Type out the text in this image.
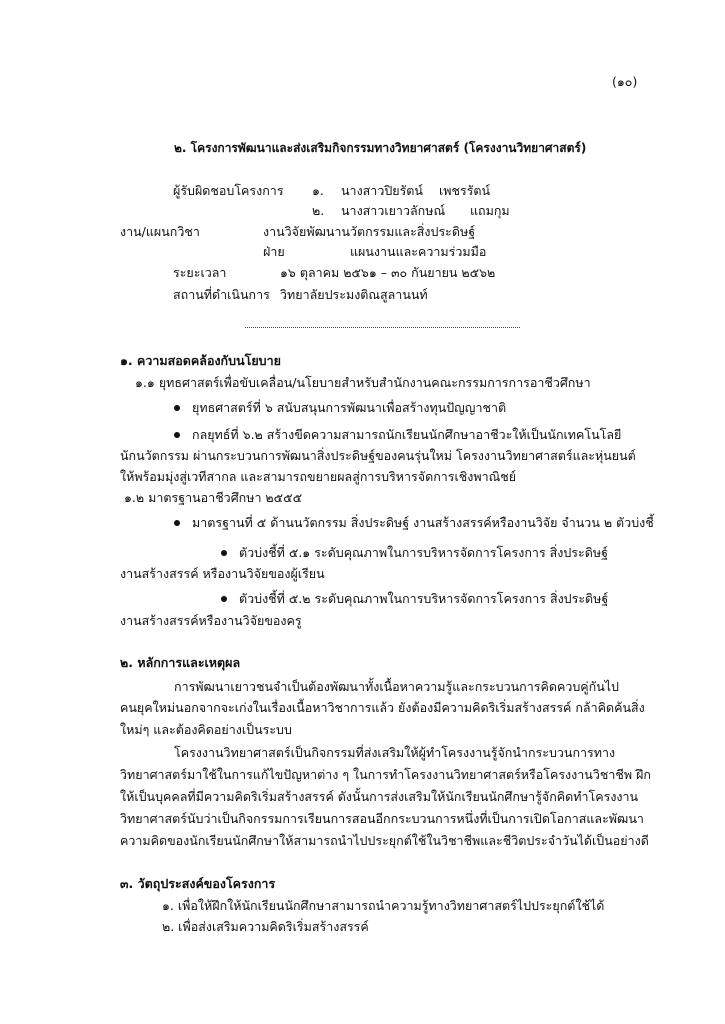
(๑๐)
๒. โครงการพัฒนาและส่งเสริมกิจกรรมทางวิทยาศาสตร์ (โครงงานวิทยาศาสตร์)
ผู้รับผิดชอบโครงการ ๑. นางสาวปิยรัตน์ เพชรรัตน์
๒. นางสาวเยาวลักษณ์ แถมกุม
งาน/แผนกวิชา	งานวิจัยพัฒนานวัตกรรมและสิ่งประดิษฐ์
ฝ่าย	แผนงานและความร่วมมือ
ระยะเวลา	๑๖ ตุลาคม ๒๕๖๑ – ๓๐ กันยายน ๒๕๖๒
สถานที่ดำเนินการ วิทยาลัยประมงติณสูลานนท์
๑. ความสอดคล้องกับนโยบาย
๑.๑ ยุทธศาสตร์เพื่อขับเคลื่อน/นโยบายสำหรับสำนักงานคณะกรรมการการอาชีวศึกษา
ยุทธศาสตร์ที่ ๖ สนับสนุนการพัฒนาเพื่อสร้างทุนปัญญาชาติ
กลยุทธ์ที่ ๖.๒ สร้างขีดความสามารถนักเรียนนักศึกษาอาชีวะให้เป็นนักเทคโนโลยี
นักนวัตกรรม ผ่านกระบวนการพัฒนาสิ่งประดิษฐ์ของคนรุ่นใหม่ โครงงานวิทยาศาสตร์และหุ่นยนต์
ให้พร้อมมุ่งสู่เวทีสากล และสามารถขยายผลสู่การบริหารจัดการเชิงพาณิชย์
๑.๒ มาตรฐานอาชีวศึกษา ๒๕๕๕
มาตรฐานที่ ๕ ด้านนวัตกรรม สิ่งประดิษฐ์ งานสร้างสรรค์หรืองานวิจัย จำนวน ๒ ตัวบ่งชี้
ตัวบ่งชี้ที่ ๕.๑ ระดับคุณภาพในการบริหารจัดการโครงการ สิ่งประดิษฐ์
งานสร้างสรรค์ หรืองานวิจัยของผู้เรียน
ตัวบ่งชี้ที่ ๕.๒ ระดับคุณภาพในการบริหารจัดการโครงการ สิ่งประดิษฐ์
งานสร้างสรรค์หรืองานวิจัยของครู
๒. หลักการและเหตุผล
การพัฒนาเยาวชนจำเป็นต้องพัฒนาทั้งเนื้อหาความรู้และกระบวนการคิดควบคู่กันไป
คนยุคใหม่นอกจากจะเก่งในเรื่องเนื้อหาวิชาการแล้ว ยังต้องมีความคิดริเริ่มสร้างสรรค์ กล้าคิดค้นสิ่ง
ใหม่ๆ และต้องคิดอย่างเป็นระบบ
โครงงานวิทยาศาสตร์เป็นกิจกรรมที่ส่งเสริมให้ผู้ทำโครงงานรู้จักนำกระบวนการทาง
วิทยาศาสตร์มาใช้ในการแก้ไขปัญหาต่าง ๆ ในการทำโครงงานวิทยาศาสตร์หรือโครงงานวิชาชีพ ฝึก
ให้เป็นบุคคลที่มีความคิดริเริ่มสร้างสรรค์ ดังนั้นการส่งเสริมให้นักเรียนนักศึกษารู้จักคิดทำโครงงาน
วิทยาศาสตร์นับว่าเป็นกิจกรรมการเรียนการสอนอีกกระบวนการหนึ่งที่เป็นการเปิดโอกาสและพัฒนา
ความคิดของนักเรียนนักศึกษาให้สามารถนำไปประยุกต์ใช้ในวิชาชีพและชีวิตประจำวันได้เป็นอย่างดี
๓. วัตถุประสงค์ของโครงการ
๑. เพื่อให้ฝึกให้นักเรียนนักศึกษาสามารถนำความรู้ทางวิทยาศาสตร์ไปประยุกต์ใช้ได้
๒. เพื่อส่งเสริมความคิดริเริ่มสร้างสรรค์
